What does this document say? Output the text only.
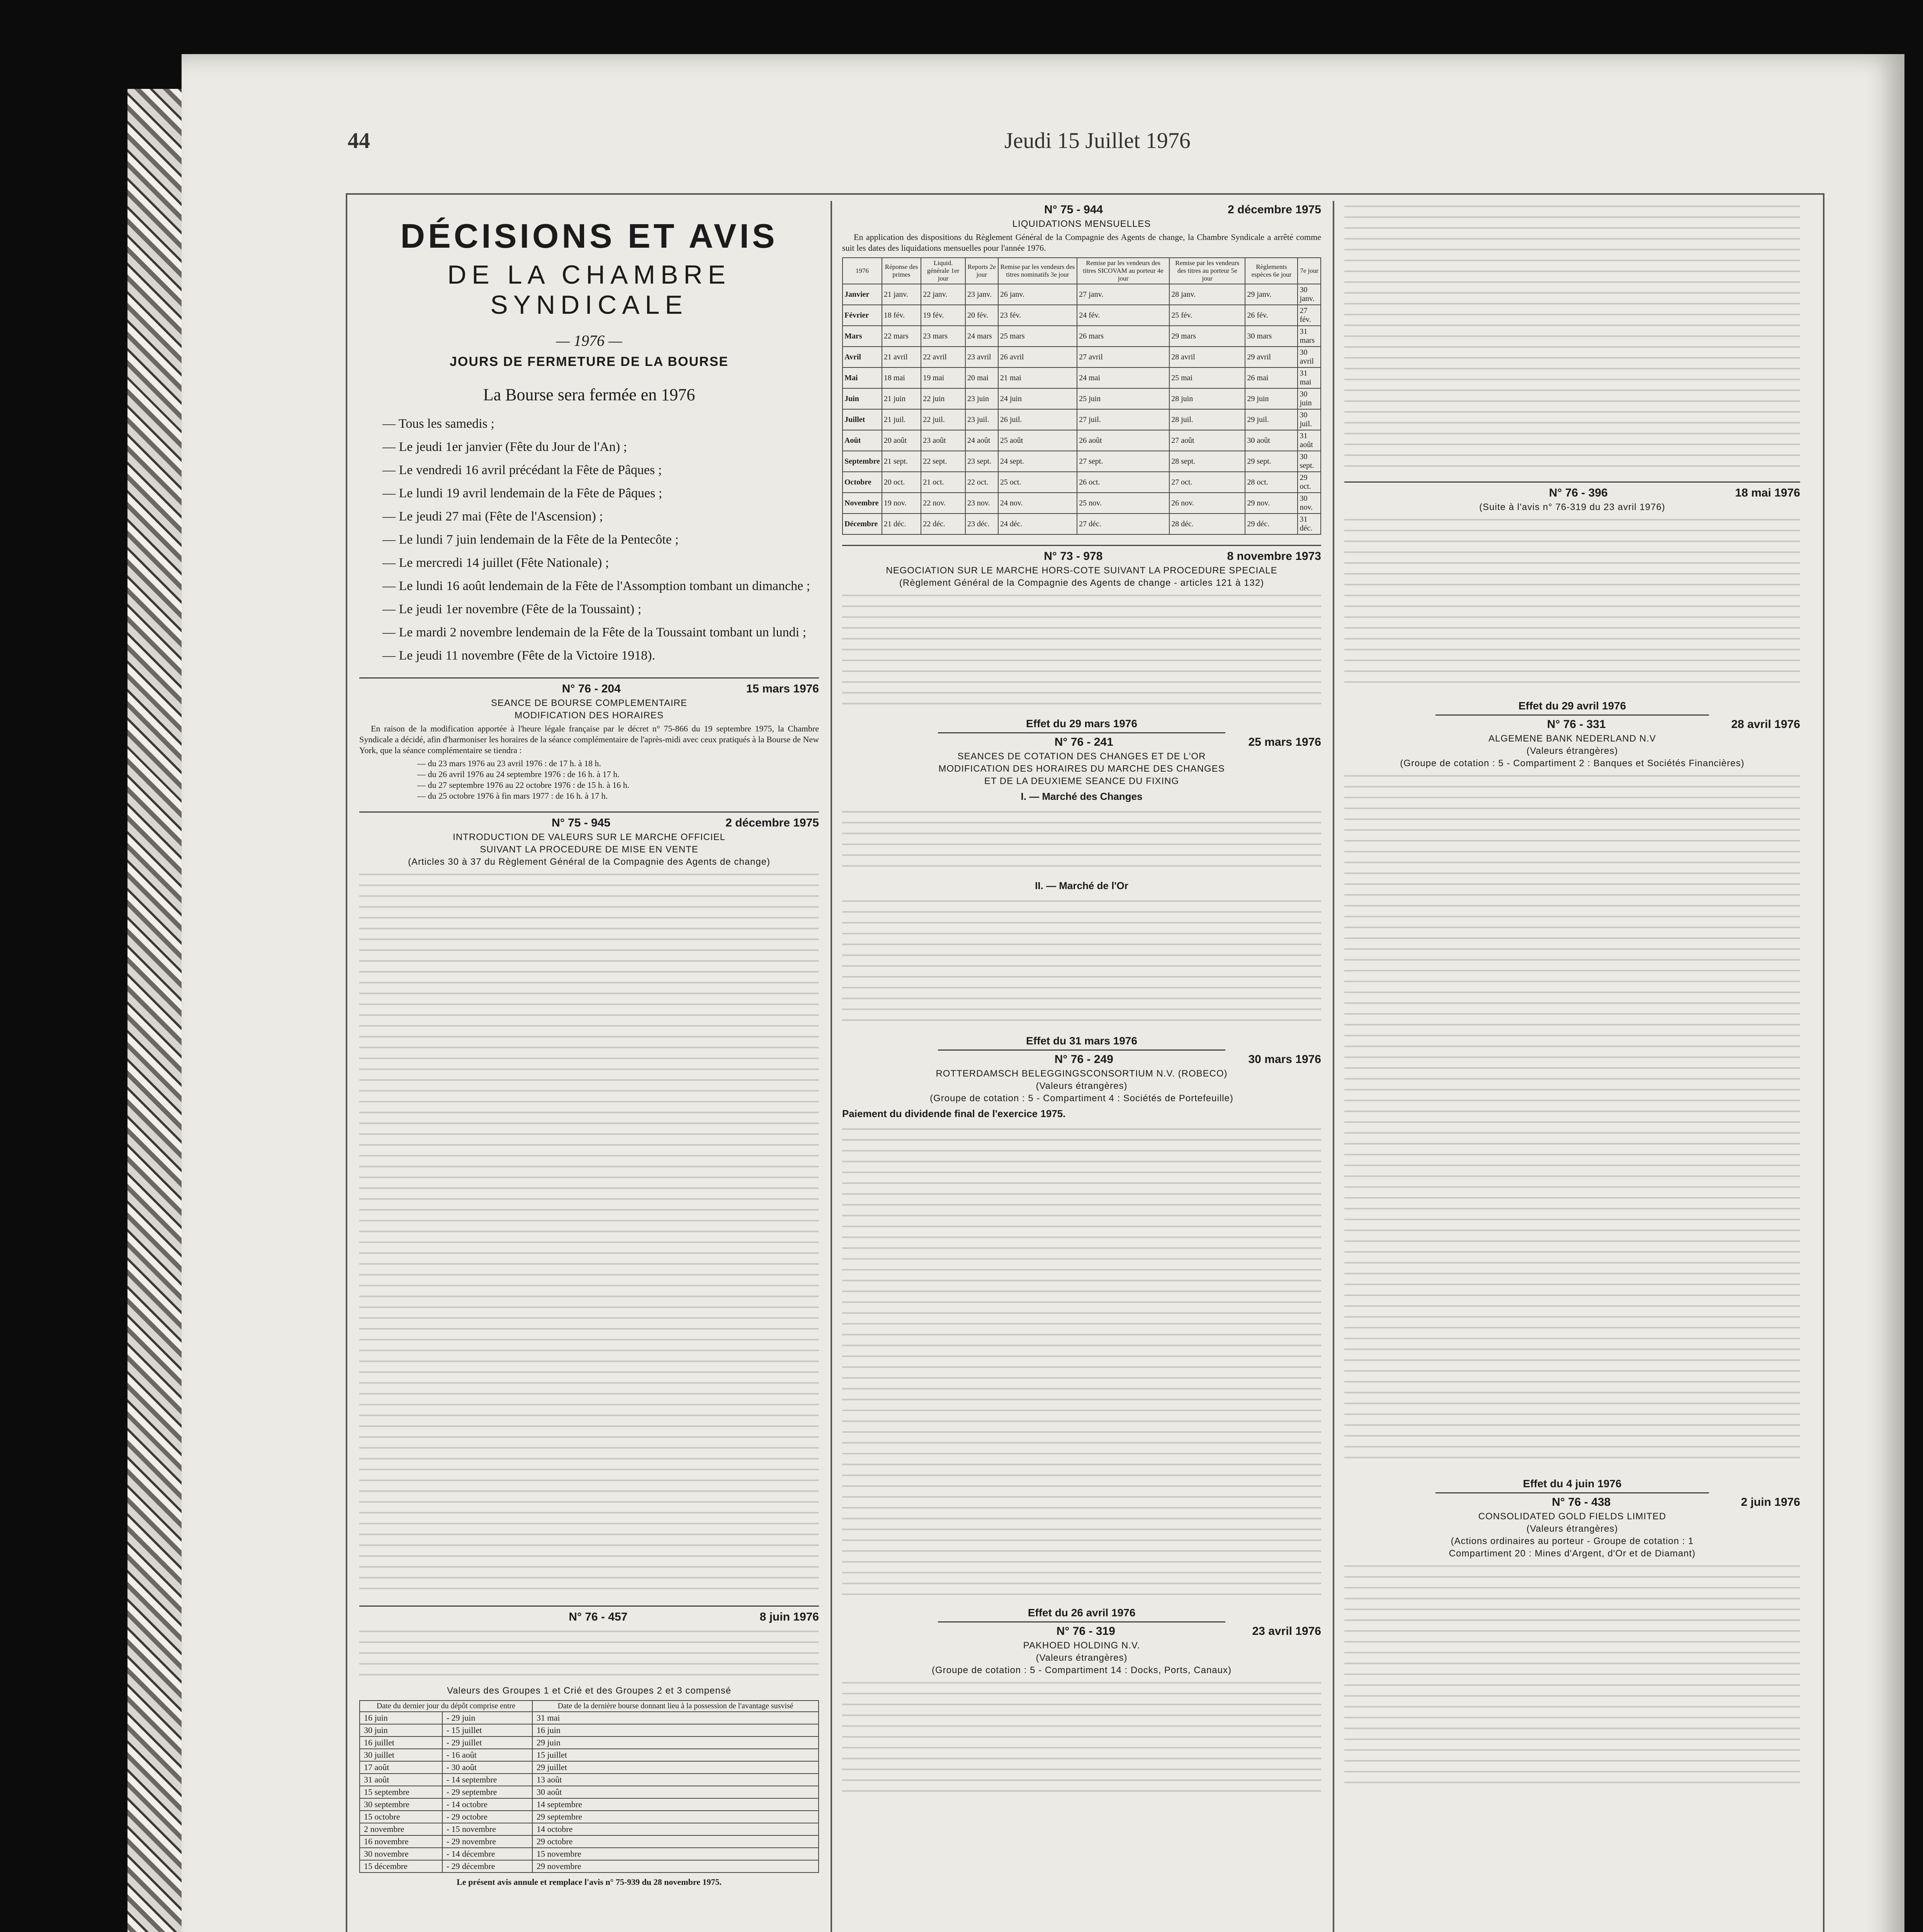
44	Jeudi 15 Juillet 1976
DÉCISIONS ET AVIS
DE LA CHAMBRE SYNDICALE
— 1976 —
JOURS DE FERMETURE DE LA BOURSE
La Bourse sera fermée en 1976
— Tous les samedis ;
— Le jeudi 1er janvier (Fête du Jour de l'An) ;
— Le vendredi 16 avril précédant la Fête de Pâques ;
— Le lundi 19 avril lendemain de la Fête de Pâques ;
— Le jeudi 27 mai (Fête de l'Ascension) ;
— Le lundi 7 juin lendemain de la Fête de la Pentecôte ;
— Le mercredi 14 juillet (Fête Nationale) ;
— Le lundi 16 août lendemain de la Fête de l'Assomption tombant un dimanche ;
— Le jeudi 1er novembre (Fête de la Toussaint) ;
— Le mardi 2 novembre lendemain de la Fête de la Toussaint tombant un lundi ;
— Le jeudi 11 novembre (Fête de la Victoire 1918).
N° 76 - 204	15 mars 1976
SEANCE DE BOURSE COMPLEMENTAIRE
MODIFICATION DES HORAIRES

En raison de la modification apportée à l'heure légale française par le décret n° 75-866 du 19 septembre 1975, la Chambre Syndicale a décidé, afin d'harmoniser les horaires de la séance complémentaire de l'après-midi avec ceux pratiqués à la Bourse de New York, que la séance complémentaire se tiendra :

— du 23 mars 1976 au 23 avril 1976 : de 17 h. à 18 h.
— du 26 avril 1976 au 24 septembre 1976 : de 16 h. à 17 h.
— du 27 septembre 1976 au 22 octobre 1976 : de 15 h. à 16 h.
— du 25 octobre 1976 à fin mars 1977 : de 16 h. à 17 h.
N° 75 - 945	2 décembre 1975
INTRODUCTION DE VALEURS SUR LE MARCHE OFFICIEL
SUIVANT LA PROCEDURE DE MISE EN VENTE
(Articles 30 à 37 du Règlement Général de la Compagnie des Agents de change)
N° 76 - 457	8 juin 1976
Valeurs des Groupes 1 et Crié et des Groupes 2 et 3 compensé
Date du dernier jour du dépôt comprise entre		Date de la dernière bourse donnant lieu à la possession de l'avantage susvisé
16 juin	- 29 juin	31 mai
30 juin	- 15 juillet	16 juin
16 juillet	- 29 juillet	29 juin
30 juillet	- 16 août	15 juillet
17 août	- 30 août	29 juillet
31 août	- 14 septembre	13 août
15 septembre	- 29 septembre	30 août
30 septembre	- 14 octobre	14 septembre
15 octobre	- 29 octobre	29 septembre
2 novembre	- 15 novembre	14 octobre
16 novembre	- 29 novembre	29 octobre
30 novembre	- 14 décembre	15 novembre
15 décembre	- 29 décembre	29 novembre
Le présent avis annule et remplace l'avis n° 75-939 du 28 novembre 1975.
N° 75 - 944	2 décembre 1975
LIQUIDATIONS MENSUELLES

En application des dispositions du Règlement Général de la Compagnie des Agents de change, la Chambre Syndicale a arrêté comme suit les dates des liquidations mensuelles pour l'année 1976.

1976	Réponse des primes	Liquid. générale 1er jour	Reports 2e jour	Remise par les vendeurs des titres nominatifs 3e jour	Remise par les vendeurs des titres SICOVAM au porteur 4e jour	Remise par les vendeurs des titres au porteur 5e jour	Règlements espèces 6e jour	7e jour
Janvier	21 janv.	22 janv.	23 janv.	26 janv.	27 janv.	28 janv.	29 janv.	30 janv.
Février	18 fév.	19 fév.	20 fév.	23 fév.	24 fév.	25 fév.	26 fév.	27 fév.
Mars	22 mars	23 mars	24 mars	25 mars	26 mars	29 mars	30 mars	31 mars
Avril	21 avril	22 avril	23 avril	26 avril	27 avril	28 avril	29 avril	30 avril
Mai	18 mai	19 mai	20 mai	21 mai	24 mai	25 mai	26 mai	31 mai
Juin	21 juin	22 juin	23 juin	24 juin	25 juin	28 juin	29 juin	30 juin
Juillet	21 juil.	22 juil.	23 juil.	26 juil.	27 juil.	28 juil.	29 juil.	30 juil.
Août	20 août	23 août	24 août	25 août	26 août	27 août	30 août	31 août
Septembre	21 sept.	22 sept.	23 sept.	24 sept.	27 sept.	28 sept.	29 sept.	30 sept.
Octobre	20 oct.	21 oct.	22 oct.	25 oct.	26 oct.	27 oct.	28 oct.	29 oct.
Novembre	19 nov.	22 nov.	23 nov.	24 nov.	25 nov.	26 nov.	29 nov.	30 nov.
Décembre	21 déc.	22 déc.	23 déc.	24 déc.	27 déc.	28 déc.	29 déc.	31 déc.
N° 73 - 978	8 novembre 1973
NEGOCIATION SUR LE MARCHE HORS-COTE SUIVANT LA PROCEDURE SPECIALE
(Règlement Général de la Compagnie des Agents de change - articles 121 à 132)
Effet du 29 mars 1976
N° 76 - 241	25 mars 1976
SEANCES DE COTATION DES CHANGES ET DE L'OR
MODIFICATION DES HORAIRES DU MARCHE DES CHANGES
ET DE LA DEUXIEME SEANCE DU FIXING
I. — Marché des Changes
II. — Marché de l'Or
Effet du 31 mars 1976
N° 76 - 249	30 mars 1976
ROTTERDAMSCH BELEGGINGSCONSORTIUM N.V. (ROBECO)
(Valeurs étrangères)
(Groupe de cotation : 5 - Compartiment 4 : Sociétés de Portefeuille)
Paiement du dividende final de l'exercice 1975.
Effet du 26 avril 1976
N° 76 - 319	23 avril 1976
PAKHOED HOLDING N.V.
(Valeurs étrangères)
(Groupe de cotation : 5 - Compartiment 14 : Docks, Ports, Canaux)
N° 76 - 396	18 mai 1976
(Suite à l'avis n° 76-319 du 23 avril 1976)
Effet du 29 avril 1976
N° 76 - 331	28 avril 1976
ALGEMENE BANK NEDERLAND N.V
(Valeurs étrangères)
(Groupe de cotation : 5 - Compartiment 2 : Banques et Sociétés Financières)
Effet du 4 juin 1976
N° 76 - 438	2 juin 1976
CONSOLIDATED GOLD FIELDS LIMITED
(Valeurs étrangères)
(Actions ordinaires au porteur - Groupe de cotation : 1
Compartiment 20 : Mines d'Argent, d'Or et de Diamant)
